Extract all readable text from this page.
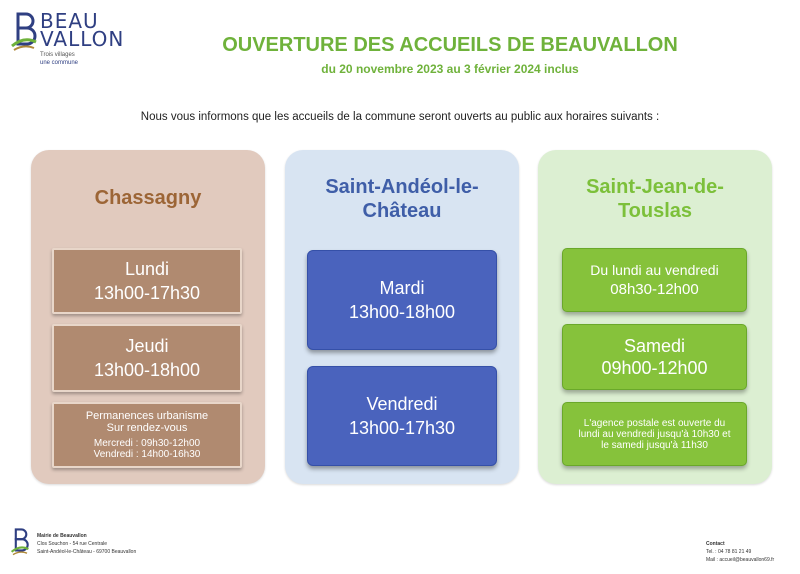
BEAU
VALLON
Trois villages
une commune
OUVERTURE DES ACCUEILS DE BEAUVALLON
du 20 novembre 2023 au 3 février 2024 inclus

Nous vous informons que les accueils de la commune seront ouverts au public aux horaires suivants :

Chassagny
Lundi
13h00-17h30
Jeudi
13h00-18h00
Permanences urbanisme
Sur rendez-vous
Mercredi : 09h30-12h00
Vendredi : 14h00-16h30
Saint-Andéol-le-
Château
Mardi
13h00-18h00
Vendredi
13h00-17h30
Saint-Jean-de-
Touslas
Du lundi au vendredi
08h30-12h00
Samedi
09h00-12h00
L'agence postale est ouverte du
lundi au vendredi jusqu'à 10h30 et
le samedi jusqu'à 11h30
Mairie de Beauvallon
Clos Souchon - 54 rue Centrale
Saint-Andéol-le-Château - 69700 Beauvallon
Contact
Tel. : 04 78 81 21 49
Mail : accueil@beauvallon69.fr
